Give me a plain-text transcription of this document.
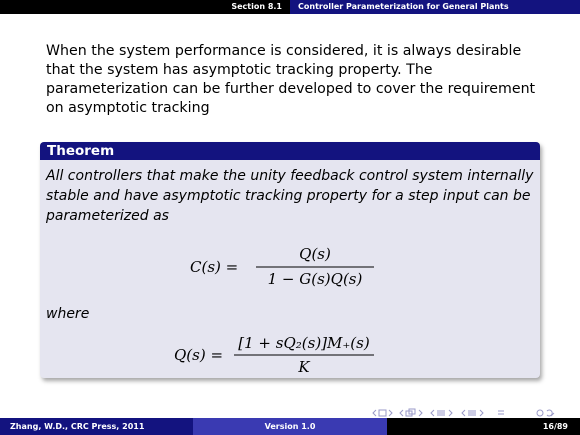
Section 8.1	Controller Parameterization for General Plants
When the system performance is considered, it is always desirable that the system has asymptotic tracking property. The parameterization can be further developed to cover the requirement on asymptotic tracking
Theorem
All controllers that make the unity feedback control system internally stable and have asymptotic tracking property for a step input can be parameterized as
C(s) =
Q(s)
1 − G(s)Q(s)
where
Q(s) =
[1 + sQ₂(s)]M₊(s)
K
Zhang, W.D., CRC Press, 2011	Version 1.0	16/89
